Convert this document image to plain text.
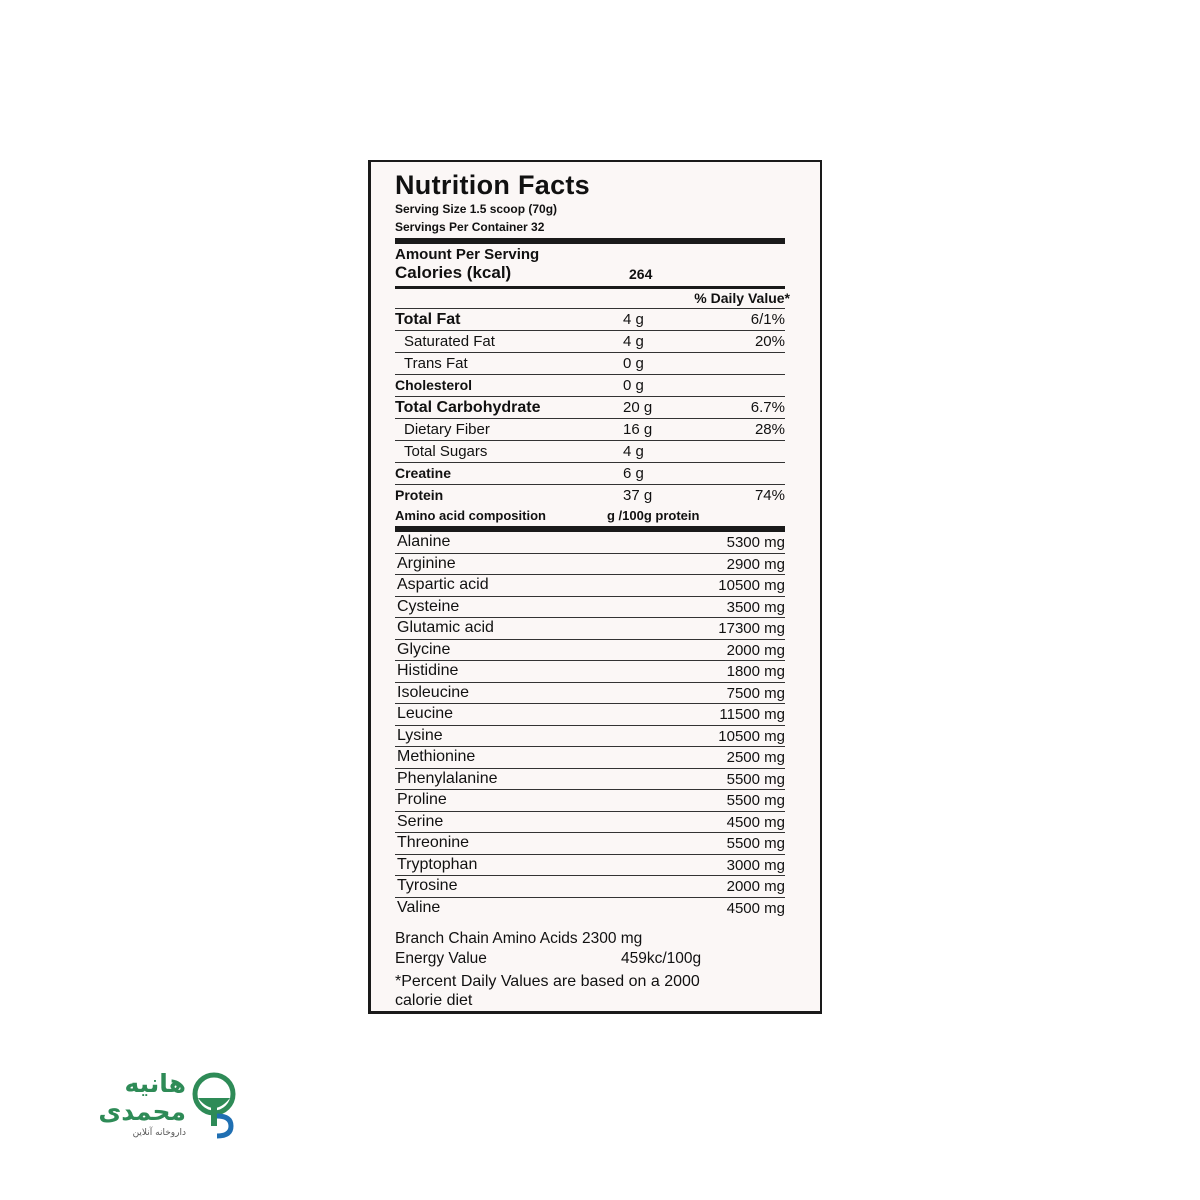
Nutrition Facts
Serving Size 1.5 scoop (70g)
Servings Per Container 32
Amount Per Serving
Calories (kcal)	264
% Daily Value*
Total Fat	4 g	6/1%
Saturated Fat	4 g	20%
Trans Fat	0 g
Cholesterol	0 g
Total Carbohydrate	20 g	6.7%
Dietary Fiber	16 g	28%
Total Sugars	4 g
Creatine	6 g
Protein	37 g	74%
Amino acid composition	g /100g protein
Alanine	5300 mg
Arginine	2900 mg
Aspartic acid	10500 mg
Cysteine	3500 mg
Glutamic acid	17300 mg
Glycine	2000 mg
Histidine	1800 mg
Isoleucine	7500 mg
Leucine	11500 mg
Lysine	10500 mg
Methionine	2500 mg
Phenylalanine	5500 mg
Proline	5500 mg
Serine	4500 mg
Threonine	5500 mg
Tryptophan	3000 mg
Tyrosine	2000 mg
Valine	4500 mg
Branch Chain Amino Acids 2300 mg
Energy Value	459kc/100g
*Percent Daily Values are based on a 2000
calorie diet
هانیه
محمدی
داروخانه آنلاین
